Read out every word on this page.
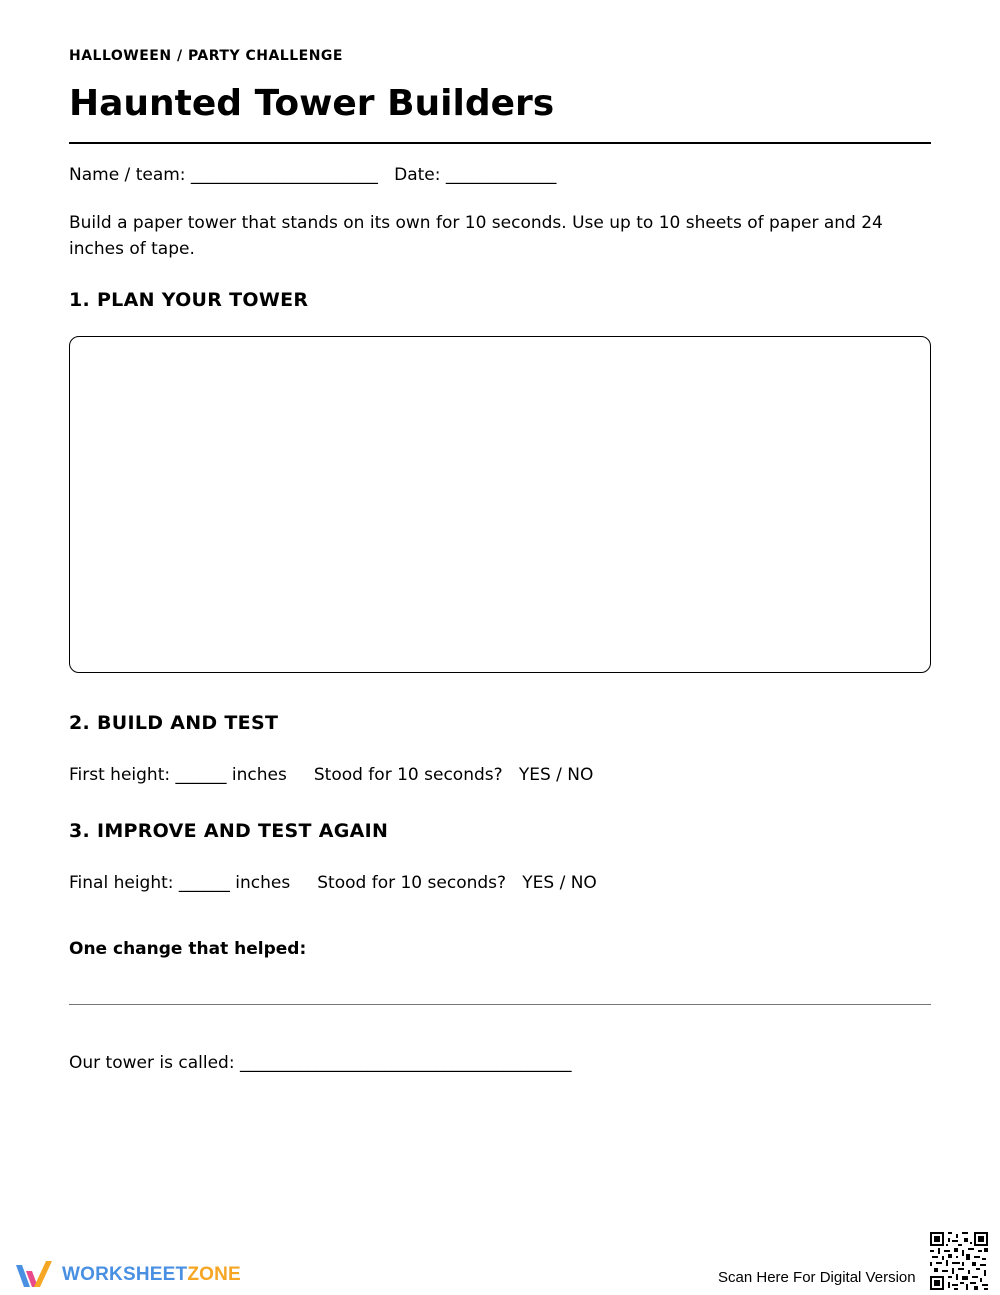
HALLOWEEN / PARTY CHALLENGE
Haunted Tower Builders
Name / team: ______________________   Date: _____________
Build a paper tower that stands on its own for 10 seconds. Use up to 10 sheets of paper and 24 inches of tape.
1. PLAN YOUR TOWER
2. BUILD AND TEST
First height: ______ inches     Stood for 10 seconds?   YES / NO
3. IMPROVE AND TEST AGAIN
Final height: ______ inches     Stood for 10 seconds?   YES / NO
One change that helped:
Our tower is called: _______________________________________
WORKSHEETZONE	Scan Here For Digital Version
